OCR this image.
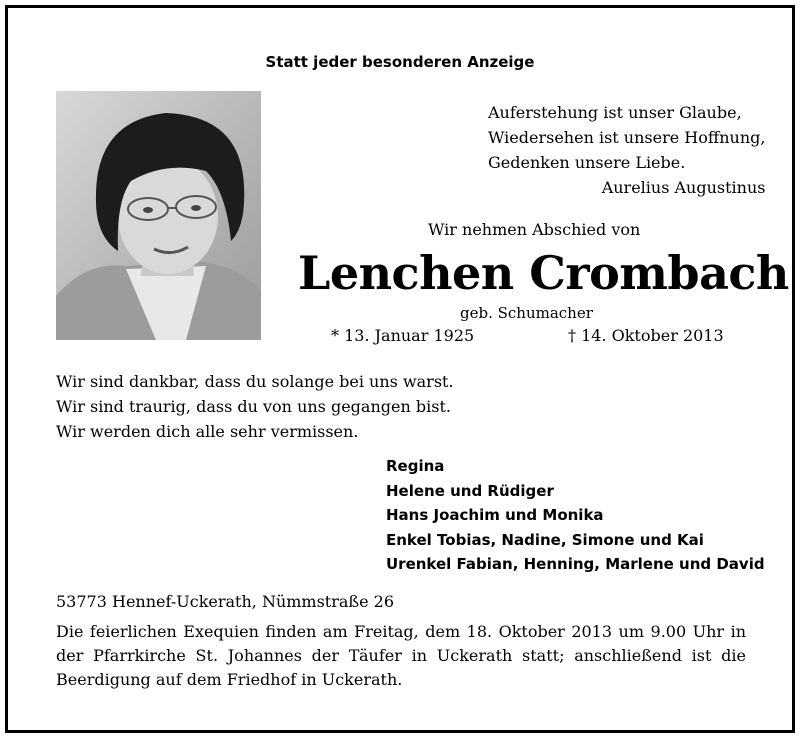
Statt jeder besonderen Anzeige
Auferstehung ist unser Glaube,
Wiedersehen ist unsere Hoffnung,
Gedenken unsere Liebe.
Aurelius Augustinus
Wir nehmen Abschied von
Lenchen Crombach
geb. Schumacher
* 13. Januar 1925	† 14. Oktober 2013
Wir sind dankbar, dass du solange bei uns warst.
Wir sind traurig, dass du von uns gegangen bist.
Wir werden dich alle sehr vermissen.
Regina
Helene und Rüdiger
Hans Joachim und Monika
Enkel Tobias, Nadine, Simone und Kai
Urenkel Fabian, Henning, Marlene und David
53773 Hennef-Uckerath, Nümmstraße 26
Die feierlichen Exequien finden am Freitag, dem 18. Oktober 2013 um 9.00 Uhr in der Pfarrkirche St. Johannes der Täufer in Uckerath statt; anschließend ist die Beerdigung auf dem Friedhof in Uckerath.
